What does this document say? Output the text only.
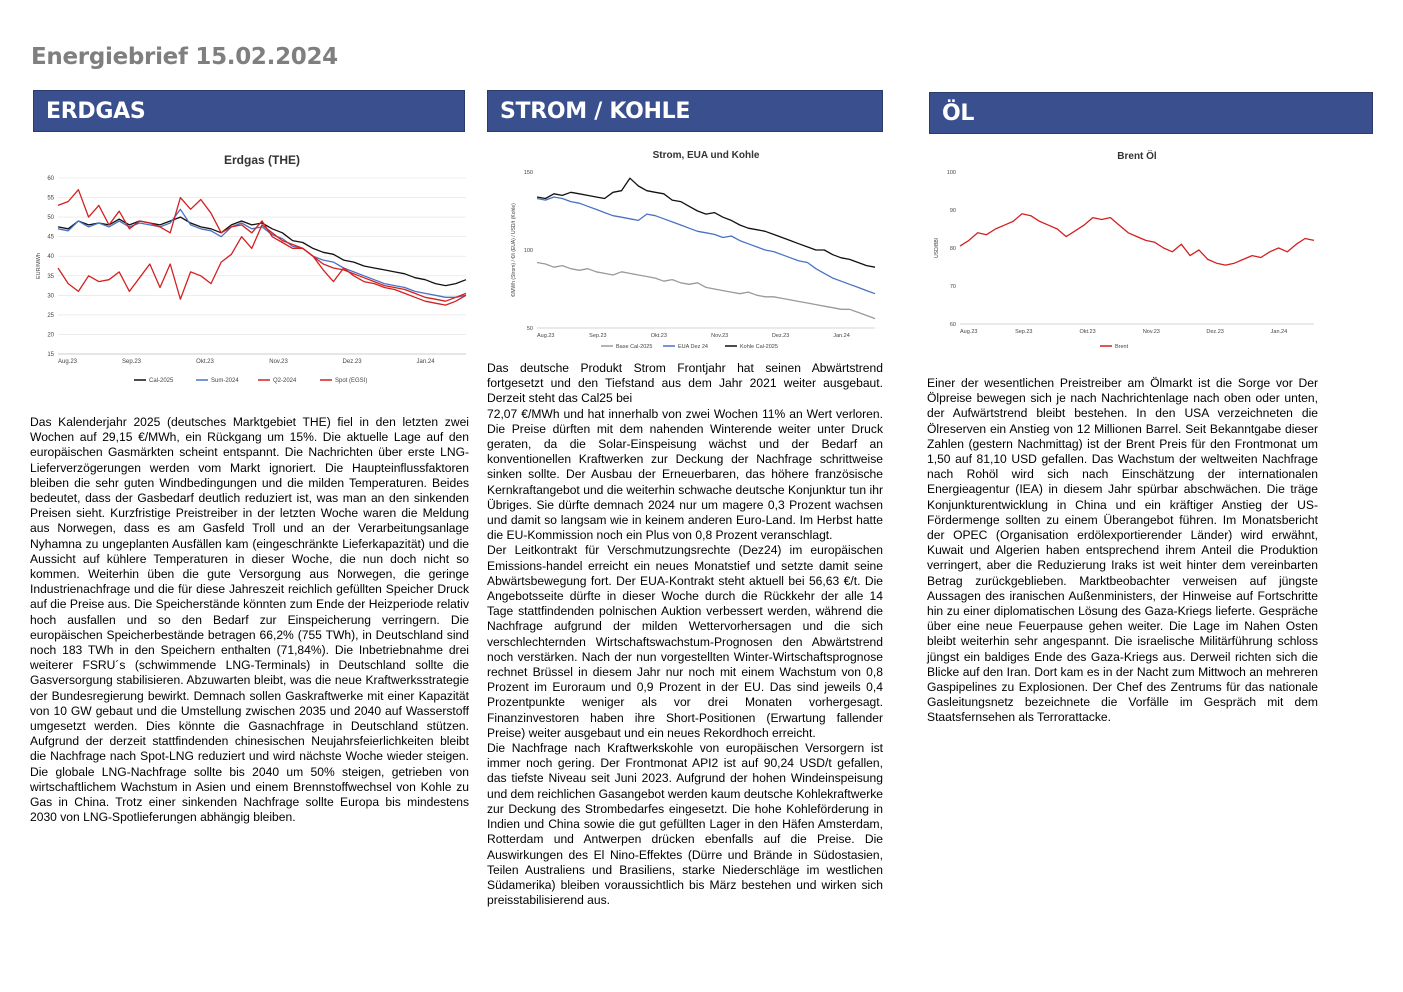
Energiebrief 15.02.2024
ERDGAS	STROM / KOHLE	ÖL
Erdgas (THE)
60
55
50
45
40
35
30
25
20
15
EUR/MWh
Aug.23	Sep.23	Okt.23	Nov.23	Dez.23	Jan.24
Cal-2025	Sum-2024	Q2-2024	Spot (EGSI)
Strom, EUA und Kohle
150
100
50
€/MWh (Strom) / €/t (EUA) / USD/t (Kohle)
Aug.23	Sep.23	Okt.23	Nov.23	Dez.23	Jan.24
Base Cal-2025	EUA Dez 24	Kohle Cal-2025
Brent Öl
100
90
80
70
60
USD/BBl
Aug.23	Sep.23	Okt.23	Nov.23	Dez.23	Jan.24
Brent

Das Kalenderjahr 2025 (deutsches Marktgebiet THE) fiel in den letzten zwei Wochen auf 29,15 €/MWh, ein Rückgang um 15%. Die aktuelle Lage auf den europäischen Gasmärkten scheint entspannt. Die Nachrichten über erste LNG-Lieferverzögerungen werden vom Markt ignoriert. Die Haupteinflussfaktoren bleiben die sehr guten Windbedingungen und die milden Temperaturen. Beides bedeutet, dass der Gasbedarf deutlich reduziert ist, was man an den sinkenden Preisen sieht. Kurzfristige Preistreiber in der letzten Woche waren die Meldung aus Norwegen, dass es am Gasfeld Troll und an der Verarbeitungsanlage Nyhamna zu ungeplanten Ausfällen kam (eingeschränkte Lieferkapazität) und die Aussicht auf kühlere Temperaturen in dieser Woche, die nun doch nicht so kommen. Weiterhin üben die gute Versorgung aus Norwegen, die geringe Industrienachfrage und die für diese Jahreszeit reichlich gefüllten Speicher Druck auf die Preise aus. Die Speicherstände könnten zum Ende der Heizperiode relativ hoch ausfallen und so den Bedarf zur Einspeicherung verringern. Die europäischen Speicherbestände betragen 66,2% (755 TWh), in Deutschland sind noch 183 TWh in den Speichern enthalten (71,84%). Die Inbetriebnahme drei weiterer FSRU´s (schwimmende LNG-Terminals) in Deutschland sollte die Gasversorgung stabilisieren. Abzuwarten bleibt, was die neue Kraftwerksstrategie der Bundesregierung bewirkt. Demnach sollen Gaskraftwerke mit einer Kapazität von 10 GW gebaut und die Umstellung zwischen 2035 und 2040 auf Wasserstoff umgesetzt werden. Dies könnte die Gasnachfrage in Deutschland stützen. Aufgrund der derzeit stattfindenden chinesischen Neujahrsfeierlichkeiten bleibt die Nachfrage nach Spot-LNG reduziert und wird nächste Woche wieder steigen. Die globale LNG-Nachfrage sollte bis 2040 um 50% steigen, getrieben von wirtschaftlichem Wachstum in Asien und einem Brennstoffwechsel von Kohle zu Gas in China. Trotz einer sinkenden Nachfrage sollte Europa bis mindestens 2030 von LNG-Spotlieferungen abhängig bleiben.

Das deutsche Produkt Strom Frontjahr hat seinen Abwärtstrend fortgesetzt und den Tiefstand aus dem Jahr 2021 weiter ausgebaut. Derzeit steht das Cal25 bei

72,07 €/MWh und hat innerhalb von zwei Wochen 11% an Wert verloren. Die Preise dürften mit dem nahenden Winterende weiter unter Druck geraten, da die Solar-Einspeisung wächst und der Bedarf an konventionellen Kraftwerken zur Deckung der Nachfrage schrittweise sinken sollte. Der Ausbau der Erneuerbaren, das höhere französische Kernkraftangebot und die weiterhin schwache deutsche Konjunktur tun ihr Übriges. Sie dürfte demnach 2024 nur um magere 0,3 Prozent wachsen und damit so langsam wie in keinem anderen Euro-Land. Im Herbst hatte die EU-Kommission noch ein Plus von 0,8 Prozent veranschlagt.

Der Leitkontrakt für Verschmutzungsrechte (Dez24) im europäischen Emissions-handel erreicht ein neues Monatstief und setzte damit seine Abwärtsbewegung fort. Der EUA-Kontrakt steht aktuell bei 56,63 €/t. Die Angebotsseite dürfte in dieser Woche durch die Rückkehr der alle 14 Tage stattfindenden polnischen Auktion verbessert werden, während die Nachfrage aufgrund der milden Wettervorhersagen und die sich verschlechternden Wirtschaftswachstum-Prognosen den Abwärtstrend noch verstärken. Nach der nun vorgestellten Winter-Wirtschaftsprognose rechnet Brüssel in diesem Jahr nur noch mit einem Wachstum von 0,8 Prozent im Euroraum und 0,9 Prozent in der EU. Das sind jeweils 0,4 Prozentpunkte weniger als vor drei Monaten vorhergesagt. Finanzinvestoren haben ihre Short-Positionen (Erwartung fallender Preise) weiter ausgebaut und ein neues Rekordhoch erreicht.

Die Nachfrage nach Kraftwerkskohle von europäischen Versorgern ist immer noch gering. Der Frontmonat API2 ist auf 90,24 USD/t gefallen, das tiefste Niveau seit Juni 2023. Aufgrund der hohen Windeinspeisung und dem reichlichen Gasangebot werden kaum deutsche Kohlekraftwerke zur Deckung des Strombedarfes eingesetzt. Die hohe Kohleförderung in Indien und China sowie die gut gefüllten Lager in den Häfen Amsterdam, Rotterdam und Antwerpen drücken ebenfalls auf die Preise. Die Auswirkungen des El Nino-Effektes (Dürre und Brände in Südostasien, Teilen Australiens und Brasiliens, starke Niederschläge im westlichen Südamerika) bleiben voraussichtlich bis März bestehen und wirken sich preisstabilisierend aus.

Einer der wesentlichen Preistreiber am Ölmarkt ist die Sorge vor Der Ölpreise bewegen sich je nach Nachrichtenlage nach oben oder unten, der Aufwärtstrend bleibt bestehen. In den USA verzeichneten die Ölreserven ein Anstieg von 12 Millionen Barrel. Seit Bekanntgabe dieser Zahlen (gestern Nachmittag) ist der Brent Preis für den Frontmonat um 1,50 auf 81,10 USD gefallen. Das Wachstum der weltweiten Nachfrage nach Rohöl wird sich nach Einschätzung der internationalen Energieagentur (IEA) in diesem Jahr spürbar abschwächen. Die träge Konjunkturentwicklung in China und ein kräftiger Anstieg der US-Fördermenge sollten zu einem Überangebot führen. Im Monatsbericht der OPEC (Organisation erdölexportierender Länder) wird erwähnt, Kuwait und Algerien haben entsprechend ihrem Anteil die Produktion verringert, aber die Reduzierung Iraks ist weit hinter dem vereinbarten Betrag zurückgeblieben. Marktbeobachter verweisen auf jüngste Aussagen des iranischen Außenministers, der Hinweise auf Fortschritte hin zu einer diplomatischen Lösung des Gaza-Kriegs lieferte. Gespräche über eine neue Feuerpause gehen weiter. Die Lage im Nahen Osten bleibt weiterhin sehr angespannt. Die israelische Militärführung schloss jüngst ein baldiges Ende des Gaza-Kriegs aus. Derweil richten sich die Blicke auf den Iran. Dort kam es in der Nacht zum Mittwoch an mehreren Gaspipelines zu Explosionen. Der Chef des Zentrums für das nationale Gasleitungsnetz bezeichnete die Vorfälle im Gespräch mit dem Staatsfernsehen als Terrorattacke.
